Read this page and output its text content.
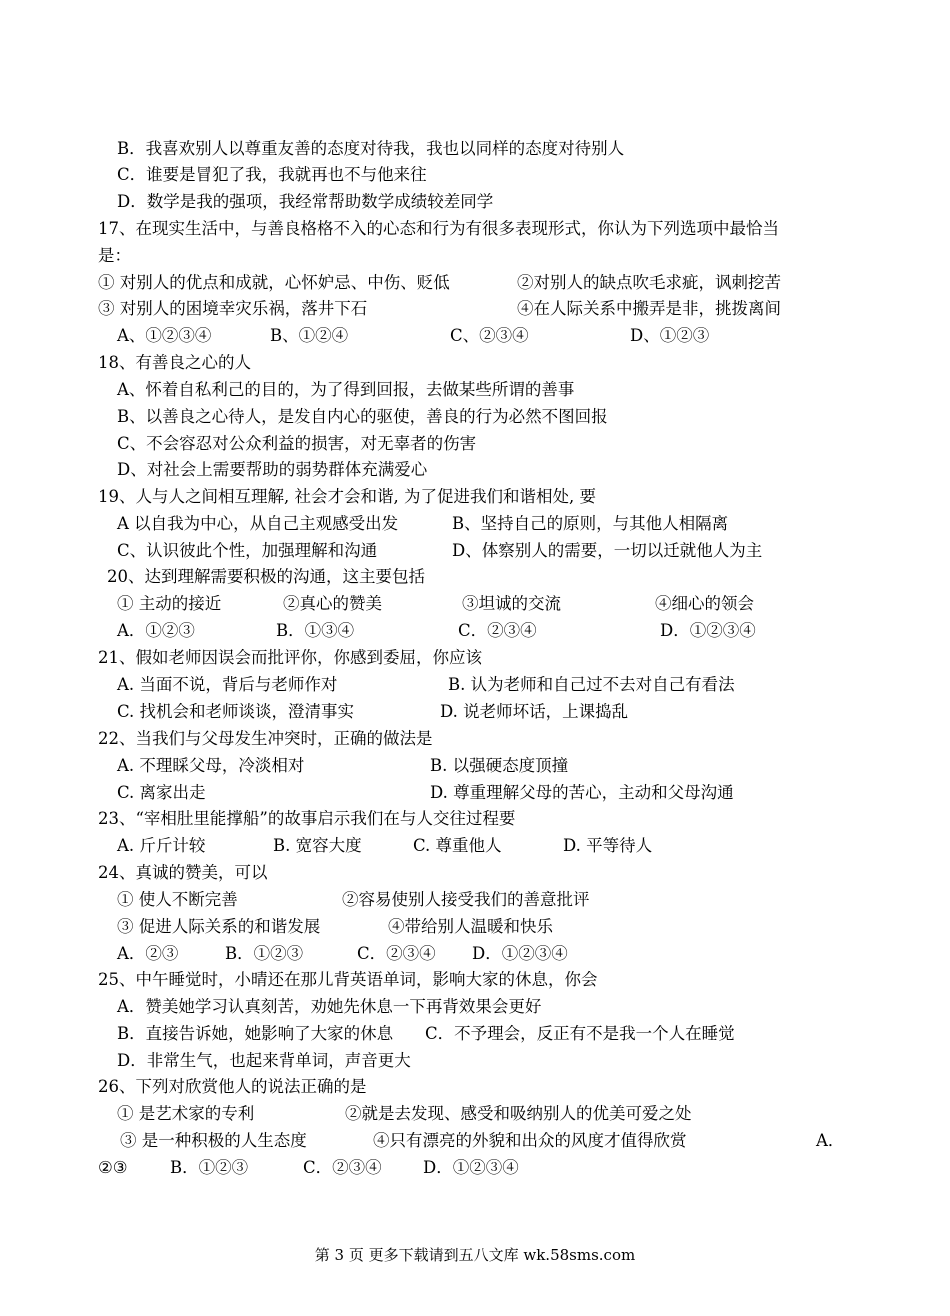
B．我喜欢别人以尊重友善的态度对待我，我也以同样的态度对待别人
C．谁要是冒犯了我，我就再也不与他来往
D．数学是我的强项，我经常帮助数学成绩较差同学
17、在现实生活中，与善良格格不入的心态和行为有很多表现形式，你认为下列选项中最恰当
是：
① 对别人的优点和成就，心怀妒忌、中伤、贬低	②对别人的缺点吹毛求疵，讽刺挖苦
③ 对别人的困境幸灾乐祸，落井下石	④在人际关系中搬弄是非，挑拨离间
A、①②③④	B、①②④	C、②③④	D、①②③
18、有善良之心的人
A、怀着自私利己的目的，为了得到回报，去做某些所谓的善事
B、以善良之心待人，是发自内心的驱使，善良的行为必然不图回报
C、不会容忍对公众利益的损害，对无辜者的伤害
D、对社会上需要帮助的弱势群体充满爱心
19、人与人之间相互理解, 社会才会和谐, 为了促进我们和谐相处, 要
A 以自我为中心，从自己主观感受出发	B、坚持自己的原则，与其他人相隔离
C、认识彼此个性，加强理解和沟通	D、体察别人的需要，一切以迁就他人为主
20、达到理解需要积极的沟通，这主要包括
① 主动的接近	②真心的赞美	③坦诚的交流	④细心的领会
A．①②③	B．①③④	C．②③④	D．①②③④
21、假如老师因误会而批评你，你感到委屈，你应该
A. 当面不说，背后与老师作对	B. 认为老师和自己过不去对自己有看法
C. 找机会和老师谈谈，澄清事实	D. 说老师坏话，上课捣乱
22、当我们与父母发生冲突时，正确的做法是
A. 不理睬父母，冷淡相对	B. 以强硬态度顶撞
C. 离家出走	D. 尊重理解父母的苦心，主动和父母沟通
23、“宰相肚里能撑船”的故事启示我们在与人交往过程要
A. 斤斤计较	B. 宽容大度	C. 尊重他人	D. 平等待人
24、真诚的赞美，可以
① 使人不断完善	②容易使别人接受我们的善意批评
③ 促进人际关系的和谐发展	④带给别人温暖和快乐
A．②③	B．①②③	C．②③④ D．①②③④
25、中午睡觉时，小晴还在那儿背英语单词，影响大家的休息，你会
A．赞美她学习认真刻苦，劝她先休息一下再背效果会更好
B．直接告诉她，她影响了大家的休息 C．不予理会，反正有不是我一个人在睡觉
D．非常生气，也起来背单词，声音更大
26、下列对欣赏他人的说法正确的是
① 是艺术家的专利	②就是去发现、感受和吸纳别人的优美可爱之处
③ 是一种积极的人生态度	④只有漂亮的外貌和出众的风度才值得欣赏	A．
②③	B．①②③	C．②③④	D．①②③④
第 3 页 更多下载请到五八文库 wk.58sms.com
